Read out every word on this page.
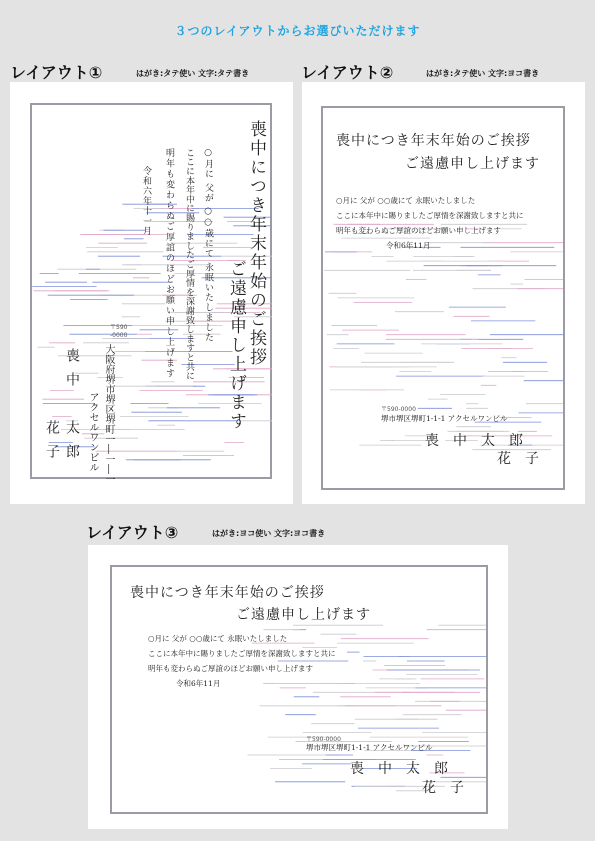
３つのレイアウトからお選びいただけます
レイアウト①	はがき:タテ使い 文字:タテ書き
喪中につき年末年始のご挨拶
ご遠慮申し上げます
○月に 父が ○○歳にて 永眠いたしました
ここに本年中に賜りましたご厚情を深謝致しますと共に
明年も変わらぬご厚誼のほどお願い申し上げます
令和六年十一月
〒590
-0000
大阪府堺市堺区堺町一―一―一
アクセルワンビル
喪中
太郎
花子
レイアウト②	はがき:タテ使い 文字:ヨコ書き
喪中につき年末年始のご挨拶
ご遠慮申し上げます
○月に 父が ○○歳にて 永眠いたしました
ここに本年中に賜りましたご厚情を深謝致しますと共に
明年も変わらぬご厚誼のほどお願い申し上げます
令和6年11月
〒590-0000
堺市堺区堺町1-1-1 アクセルワンビル
喪　中　太　郎
花　子
レイアウト③	はがき:ヨコ使い 文字:ヨコ書き
喪中につき年末年始のご挨拶
ご遠慮申し上げます
○月に 父が ○○歳にて 永眠いたしました
ここに本年中に賜りましたご厚情を深謝致しますと共に
明年も変わらぬご厚誼のほどお願い申し上げます
令和6年11月
〒590-0000
堺市堺区堺町1-1-1 アクセルワンビル
喪　中　太　郎
花　子
